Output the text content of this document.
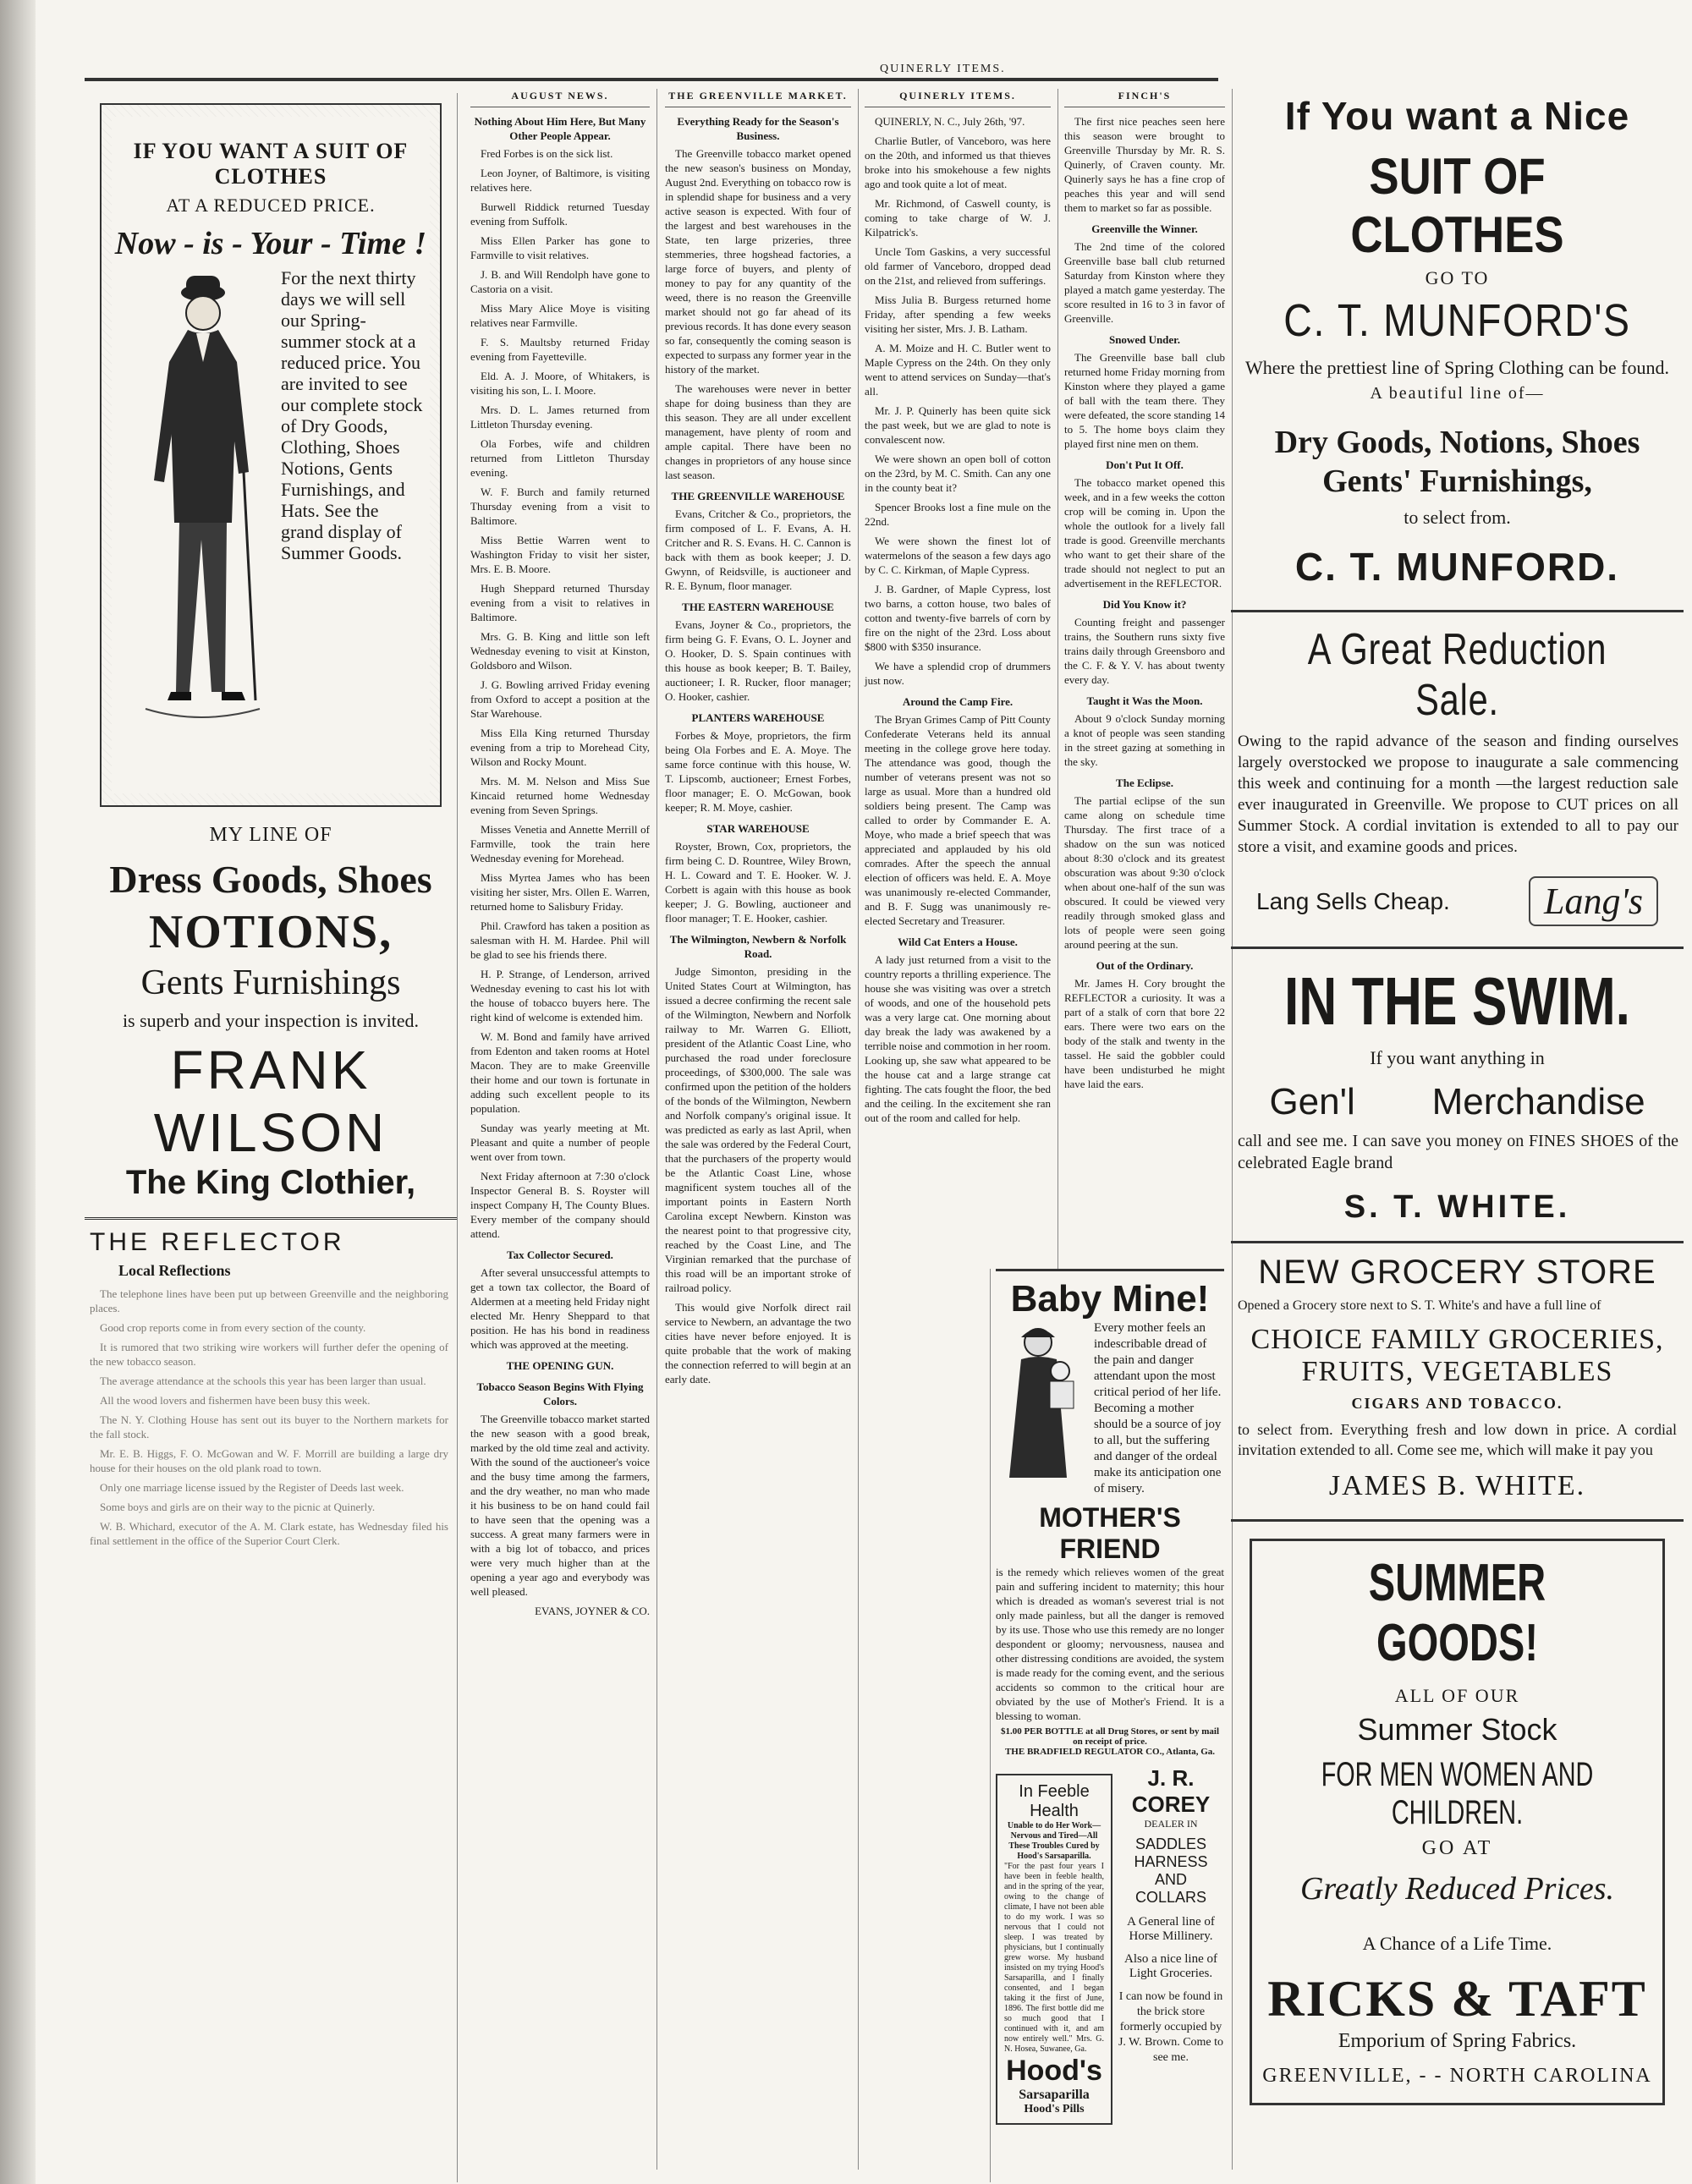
QUINERLY ITEMS.
IF YOU WANT A SUIT OF CLOTHES
AT A REDUCED PRICE.
Now - is - Your - Time !
For the next thirty days we will sell our Spring-summer stock at a reduced price. You are invited to see our complete stock of Dry Goods, Clothing, Shoes Notions, Gents Furnishings, and Hats. See the grand display of Summer Goods.
MY LINE OF
Dress Goods, Shoes
NOTIONS,
Gents Furnishings
is superb and your inspection is invited.
FRANK WILSON
The King Clothier,
THE REFLECTOR
Local Reflections

The telephone lines have been put up between Greenville and the neighboring places.

Good crop reports come in from every section of the county.

It is rumored that two striking wire workers will further defer the opening of the new tobacco season.

The average attendance at the schools this year has been larger than usual.

All the wood lovers and fishermen have been busy this week.

The N. Y. Clothing House has sent out its buyer to the Northern markets for the fall stock.

Mr. E. B. Higgs, F. O. McGowan and W. F. Morrill are building a large dry house for their houses on the old plank road to town.

Only one marriage license issued by the Register of Deeds last week.

Some boys and girls are on their way to the picnic at Quinerly.

W. B. Whichard, executor of the A. M. Clark estate, has Wednesday filed his final settlement in the office of the Superior Court Clerk.

AUGUST NEWS.
Nothing About Him Here, But Many Other People Appear.

Fred Forbes is on the sick list.

Leon Joyner, of Baltimore, is visiting relatives here.

Burwell Riddick returned Tuesday evening from Suffolk.

Miss Ellen Parker has gone to Farmville to visit relatives.

J. B. and Will Rendolph have gone to Castoria on a visit.

Miss Mary Alice Moye is visiting relatives near Farmville.

F. S. Maultsby returned Friday evening from Fayetteville.

Eld. A. J. Moore, of Whitakers, is visiting his son, L. I. Moore.

Mrs. D. L. James returned from Littleton Thursday evening.

Ola Forbes, wife and children returned from Littleton Thursday evening.

W. F. Burch and family returned Thursday evening from a visit to Baltimore.

Miss Bettie Warren went to Washington Friday to visit her sister, Mrs. E. B. Moore.

Hugh Sheppard returned Thursday evening from a visit to relatives in Baltimore.

Mrs. G. B. King and little son left Wednesday evening to visit at Kinston, Goldsboro and Wilson.

J. G. Bowling arrived Friday evening from Oxford to accept a position at the Star Warehouse.

Miss Ella King returned Thursday evening from a trip to Morehead City, Wilson and Rocky Mount.

Mrs. M. M. Nelson and Miss Sue Kincaid returned home Wednesday evening from Seven Springs.

Misses Venetia and Annette Merrill of Farmville, took the train here Wednesday evening for Morehead.

Miss Myrtea James who has been visiting her sister, Mrs. Ollen E. Warren, returned home to Salisbury Friday.

Phil. Crawford has taken a position as salesman with H. M. Hardee. Phil will be glad to see his friends there.

H. P. Strange, of Lenderson, arrived Wednesday evening to cast his lot with the house of tobacco buyers here. The right kind of welcome is extended him.

W. M. Bond and family have arrived from Edenton and taken rooms at Hotel Macon. They are to make Greenville their home and our town is fortunate in adding such excellent people to its population.

Sunday was yearly meeting at Mt. Pleasant and quite a number of people went over from town.

Next Friday afternoon at 7:30 o'clock Inspector General B. S. Royster will inspect Company H, The County Blues. Every member of the company should attend.

Tax Collector Secured.

After several unsuccessful attempts to get a town tax collector, the Board of Aldermen at a meeting held Friday night elected Mr. Henry Sheppard to that position. He has his bond in readiness which was approved at the meeting.

THE OPENING GUN.
Tobacco Season Begins With Flying Colors.

The Greenville tobacco market started the new season with a good break, marked by the old time zeal and activity. With the sound of the auctioneer's voice and the busy time among the farmers, and the dry weather, no man who made it his business to be on hand could fail to have seen that the opening was a success. A great many farmers were in with a big lot of tobacco, and prices were very much higher than at the opening a year ago and everybody was well pleased.

EVANS, JOYNER & CO.

THE GREENVILLE MARKET.
Everything Ready for the Season's Business.

The Greenville tobacco market opened the new season's business on Monday, August 2nd. Everything on tobacco row is in splendid shape for business and a very active season is expected. With four of the largest and best warehouses in the State, ten large prizeries, three stemmeries, three hogshead factories, a large force of buyers, and plenty of money to pay for any quantity of the weed, there is no reason the Greenville market should not go far ahead of its previous records. It has done every season so far, consequently the coming season is expected to surpass any former year in the history of the market.

The warehouses were never in better shape for doing business than they are this season. They are all under excellent management, have plenty of room and ample capital. There have been no changes in proprietors of any house since last season.

THE GREENVILLE WAREHOUSE

Evans, Critcher & Co., proprietors, the firm composed of L. F. Evans, A. H. Critcher and R. S. Evans. H. C. Cannon is back with them as book keeper; J. D. Gwynn, of Reidsville, is auctioneer and R. E. Bynum, floor manager.

THE EASTERN WAREHOUSE

Evans, Joyner & Co., proprietors, the firm being G. F. Evans, O. L. Joyner and O. Hooker, D. S. Spain continues with this house as book keeper; B. T. Bailey, auctioneer; I. R. Rucker, floor manager; O. Hooker, cashier.

PLANTERS WAREHOUSE

Forbes & Moye, proprietors, the firm being Ola Forbes and E. A. Moye. The same force continue with this house, W. T. Lipscomb, auctioneer; Ernest Forbes, floor manager; E. O. McGowan, book keeper; R. M. Moye, cashier.

STAR WAREHOUSE

Royster, Brown, Cox, proprietors, the firm being C. D. Rountree, Wiley Brown, H. L. Coward and T. E. Hooker. W. J. Corbett is again with this house as book keeper; J. G. Bowling, auctioneer and floor manager; T. E. Hooker, cashier.

The Wilmington, Newbern & Norfolk Road.

Judge Simonton, presiding in the United States Court at Wilmington, has issued a decree confirming the recent sale of the Wilmington, Newbern and Norfolk railway to Mr. Warren G. Elliott, president of the Atlantic Coast Line, who purchased the road under foreclosure proceedings, of $300,000. The sale was confirmed upon the petition of the holders of the bonds of the Wilmington, Newbern and Norfolk company's original issue. It was predicted as early as last April, when the sale was ordered by the Federal Court, that the purchasers of the property would be the Atlantic Coast Line, whose magnificent system touches all of the important points in Eastern North Carolina except Newbern. Kinston was the nearest point to that progressive city, reached by the Coast Line, and The Virginian remarked that the purchase of this road will be an important stroke of railroad policy.

This would give Norfolk direct rail service to Newbern, an advantage the two cities have never before enjoyed. It is quite probable that the work of making the connection referred to will begin at an early date.

QUINERLY ITEMS.

QUINERLY, N. C., July 26th, '97.

Charlie Butler, of Vanceboro, was here on the 20th, and informed us that thieves broke into his smokehouse a few nights ago and took quite a lot of meat.

Mr. Richmond, of Caswell county, is coming to take charge of W. J. Kilpatrick's.

Uncle Tom Gaskins, a very successful old farmer of Vanceboro, dropped dead on the 21st, and relieved from sufferings.

Miss Julia B. Burgess returned home Friday, after spending a few weeks visiting her sister, Mrs. J. B. Latham.

A. M. Moize and H. C. Butler went to Maple Cypress on the 24th. On they only went to attend services on Sunday—that's all.

Mr. J. P. Quinerly has been quite sick the past week, but we are glad to note is convalescent now.

We were shown an open boll of cotton on the 23rd, by M. C. Smith. Can any one in the county beat it?

Spencer Brooks lost a fine mule on the 22nd.

We were shown the finest lot of watermelons of the season a few days ago by C. C. Kirkman, of Maple Cypress.

J. B. Gardner, of Maple Cypress, lost two barns, a cotton house, two bales of cotton and twenty-five barrels of corn by fire on the night of the 23rd. Loss about $800 with $350 insurance.

We have a splendid crop of drummers just now.

Around the Camp Fire.

The Bryan Grimes Camp of Pitt County Confederate Veterans held its annual meeting in the college grove here today. The attendance was good, though the number of veterans present was not so large as usual. More than a hundred old soldiers being present. The Camp was called to order by Commander E. A. Moye, who made a brief speech that was appreciated and applauded by his old comrades. After the speech the annual election of officers was held. E. A. Moye was unanimously re-elected Commander, and B. F. Sugg was unanimously re-elected Secretary and Treasurer.

Wild Cat Enters a House.

A lady just returned from a visit to the country reports a thrilling experience. The house she was visiting was over a stretch of woods, and one of the household pets was a very large cat. One morning about day break the lady was awakened by a terrible noise and commotion in her room. Looking up, she saw what appeared to be the house cat and a large strange cat fighting. The cats fought the floor, the bed and the ceiling. In the excitement she ran out of the room and called for help.

FINCH'S

The first nice peaches seen here this season were brought to Greenville Thursday by Mr. R. S. Quinerly, of Craven county. Mr. Quinerly says he has a fine crop of peaches this year and will send them to market so far as possible.

Greenville the Winner.

The 2nd time of the colored Greenville base ball club returned Saturday from Kinston where they played a match game yesterday. The score resulted in 16 to 3 in favor of Greenville.

Snowed Under.

The Greenville base ball club returned home Friday morning from Kinston where they played a game of ball with the team there. They were defeated, the score standing 14 to 5. The home boys claim they played first nine men on them.

Don't Put It Off.

The tobacco market opened this week, and in a few weeks the cotton crop will be coming in. Upon the whole the outlook for a lively fall trade is good. Greenville merchants who want to get their share of the trade should not neglect to put an advertisement in the REFLECTOR.

Did You Know it?

Counting freight and passenger trains, the Southern runs sixty five trains daily through Greensboro and the C. F. & Y. V. has about twenty every day.

Taught it Was the Moon.

About 9 o'clock Sunday morning a knot of people was seen standing in the street gazing at something in the sky.

The Eclipse.

The partial eclipse of the sun came along on schedule time Thursday. The first trace of a shadow on the sun was noticed about 8:30 o'clock and its greatest obscuration was about 9:30 o'clock when about one-half of the sun was obscured. It could be viewed very readily through smoked glass and lots of people were seen going around peering at the sun.

Out of the Ordinary.

Mr. James H. Cory brought the REFLECTOR a curiosity. It was a part of a stalk of corn that bore 22 ears. There were two ears on the body of the stalk and twenty in the tassel. He said the gobbler could have been undisturbed he might have laid the ears.

Baby Mine!
Every mother feels an indescribable dread of the pain and danger attendant upon the most critical period of her life. Becoming a mother should be a source of joy to all, but the suffering and danger of the ordeal make its anticipation one of misery.
MOTHER'S FRIEND
is the remedy which relieves women of the great pain and suffering incident to maternity; this hour which is dreaded as woman's severest trial is not only made painless, but all the danger is removed by its use. Those who use this remedy are no longer despondent or gloomy; nervousness, nausea and other distressing conditions are avoided, the system is made ready for the coming event, and the serious accidents so common to the critical hour are obviated by the use of Mother's Friend. It is a blessing to woman.
$1.00 PER BOTTLE at all Drug Stores, or sent by mail on receipt of price.
THE BRADFIELD REGULATOR CO., Atlanta, Ga.
In Feeble Health
Unable to do Her Work—Nervous and Tired—All These Troubles Cured by Hood's Sarsaparilla.
"For the past four years I have been in feeble health, and in the spring of the year, owing to the change of climate, I have not been able to do my work. I was so nervous that I could not sleep. I was treated by physicians, but I continually grew worse. My husband insisted on my trying Hood's Sarsaparilla, and I finally consented, and I began taking it the first of June, 1896. The first bottle did me so much good that I continued with it, and am now entirely well." Mrs. G. N. Hosea, Suwanee, Ga.
Hood's
Sarsaparilla
Hood's Pills
J. R. COREY
DEALER IN
SADDLES HARNESS
AND COLLARS
A General line of Horse Millinery.
Also a nice line of Light Groceries.
I can now be found in the brick store formerly occupied by J. W. Brown. Come to see me.
If You want a Nice
SUIT OF CLOTHES
GO TO
C. T. MUNFORD'S
Where the prettiest line of Spring Clothing can be found.
A beautiful line of—
Dry Goods, Notions, Shoes
Gents' Furnishings,
to select from.
C. T. MUNFORD.
A Great Reduction Sale.
Owing to the rapid advance of the season and finding ourselves largely overstocked we propose to inaugurate a sale commencing this week and continuing for a month —the largest reduction sale ever inaugurated in Greenville. We propose to CUT prices on all Summer Stock. A cordial invitation is extended to all to pay our store a visit, and examine goods and prices.
Lang Sells Cheap.	Lang's
IN THE SWIM.
If you want anything in
Gen'l Merchandise
call and see me. I can save you money on FINES SHOES of the celebrated Eagle brand
S. T. WHITE.
NEW GROCERY STORE
Opened a Grocery store next to S. T. White's and have a full line of
CHOICE FAMILY GROCERIES, FRUITS, VEGETABLES
CIGARS AND TOBACCO.
to select from. Everything fresh and low down in price. A cordial invitation extended to all. Come see me, which will make it pay you
JAMES B. WHITE.
SUMMER GOODS!
ALL OF OUR
Summer Stock
FOR MEN WOMEN AND CHILDREN.
GO AT
Greatly Reduced Prices.
A Chance of a Life Time.
RICKS & TAFT
Emporium of Spring Fabrics.
GREENVILLE, - - NORTH CAROLINA
